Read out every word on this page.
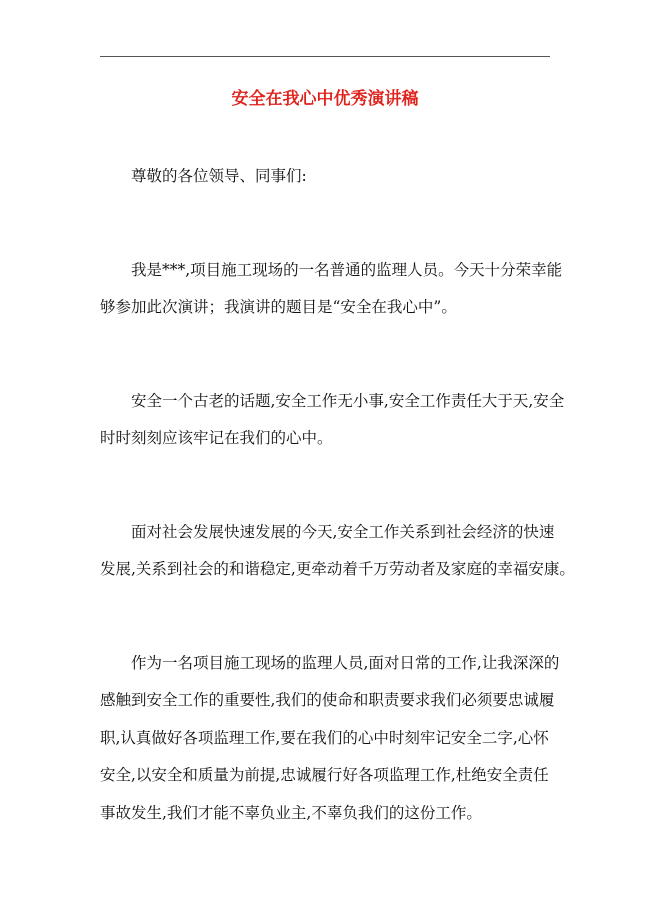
安全在我心中优秀演讲稿

尊敬的各位领导、同事们:

我是***,项目施工现场的一名普通的监理人员。今天十分荣幸能
够参加此次演讲；我演讲的题目是“安全在我心中”。

安全一个古老的话题,安全工作无小事,安全工作责任大于天,安全
时时刻刻应该牢记在我们的心中。

面对社会发展快速发展的今天,安全工作关系到社会经济的快速
发展,关系到社会的和谐稳定,更牵动着千万劳动者及家庭的幸福安康。

作为一名项目施工现场的监理人员,面对日常的工作,让我深深的
感触到安全工作的重要性,我们的使命和职责要求我们必须要忠诚履
职,认真做好各项监理工作,要在我们的心中时刻牢记安全二字,心怀
安全,以安全和质量为前提,忠诚履行好各项监理工作,杜绝安全责任
事故发生,我们才能不辜负业主,不辜负我们的这份工作。
